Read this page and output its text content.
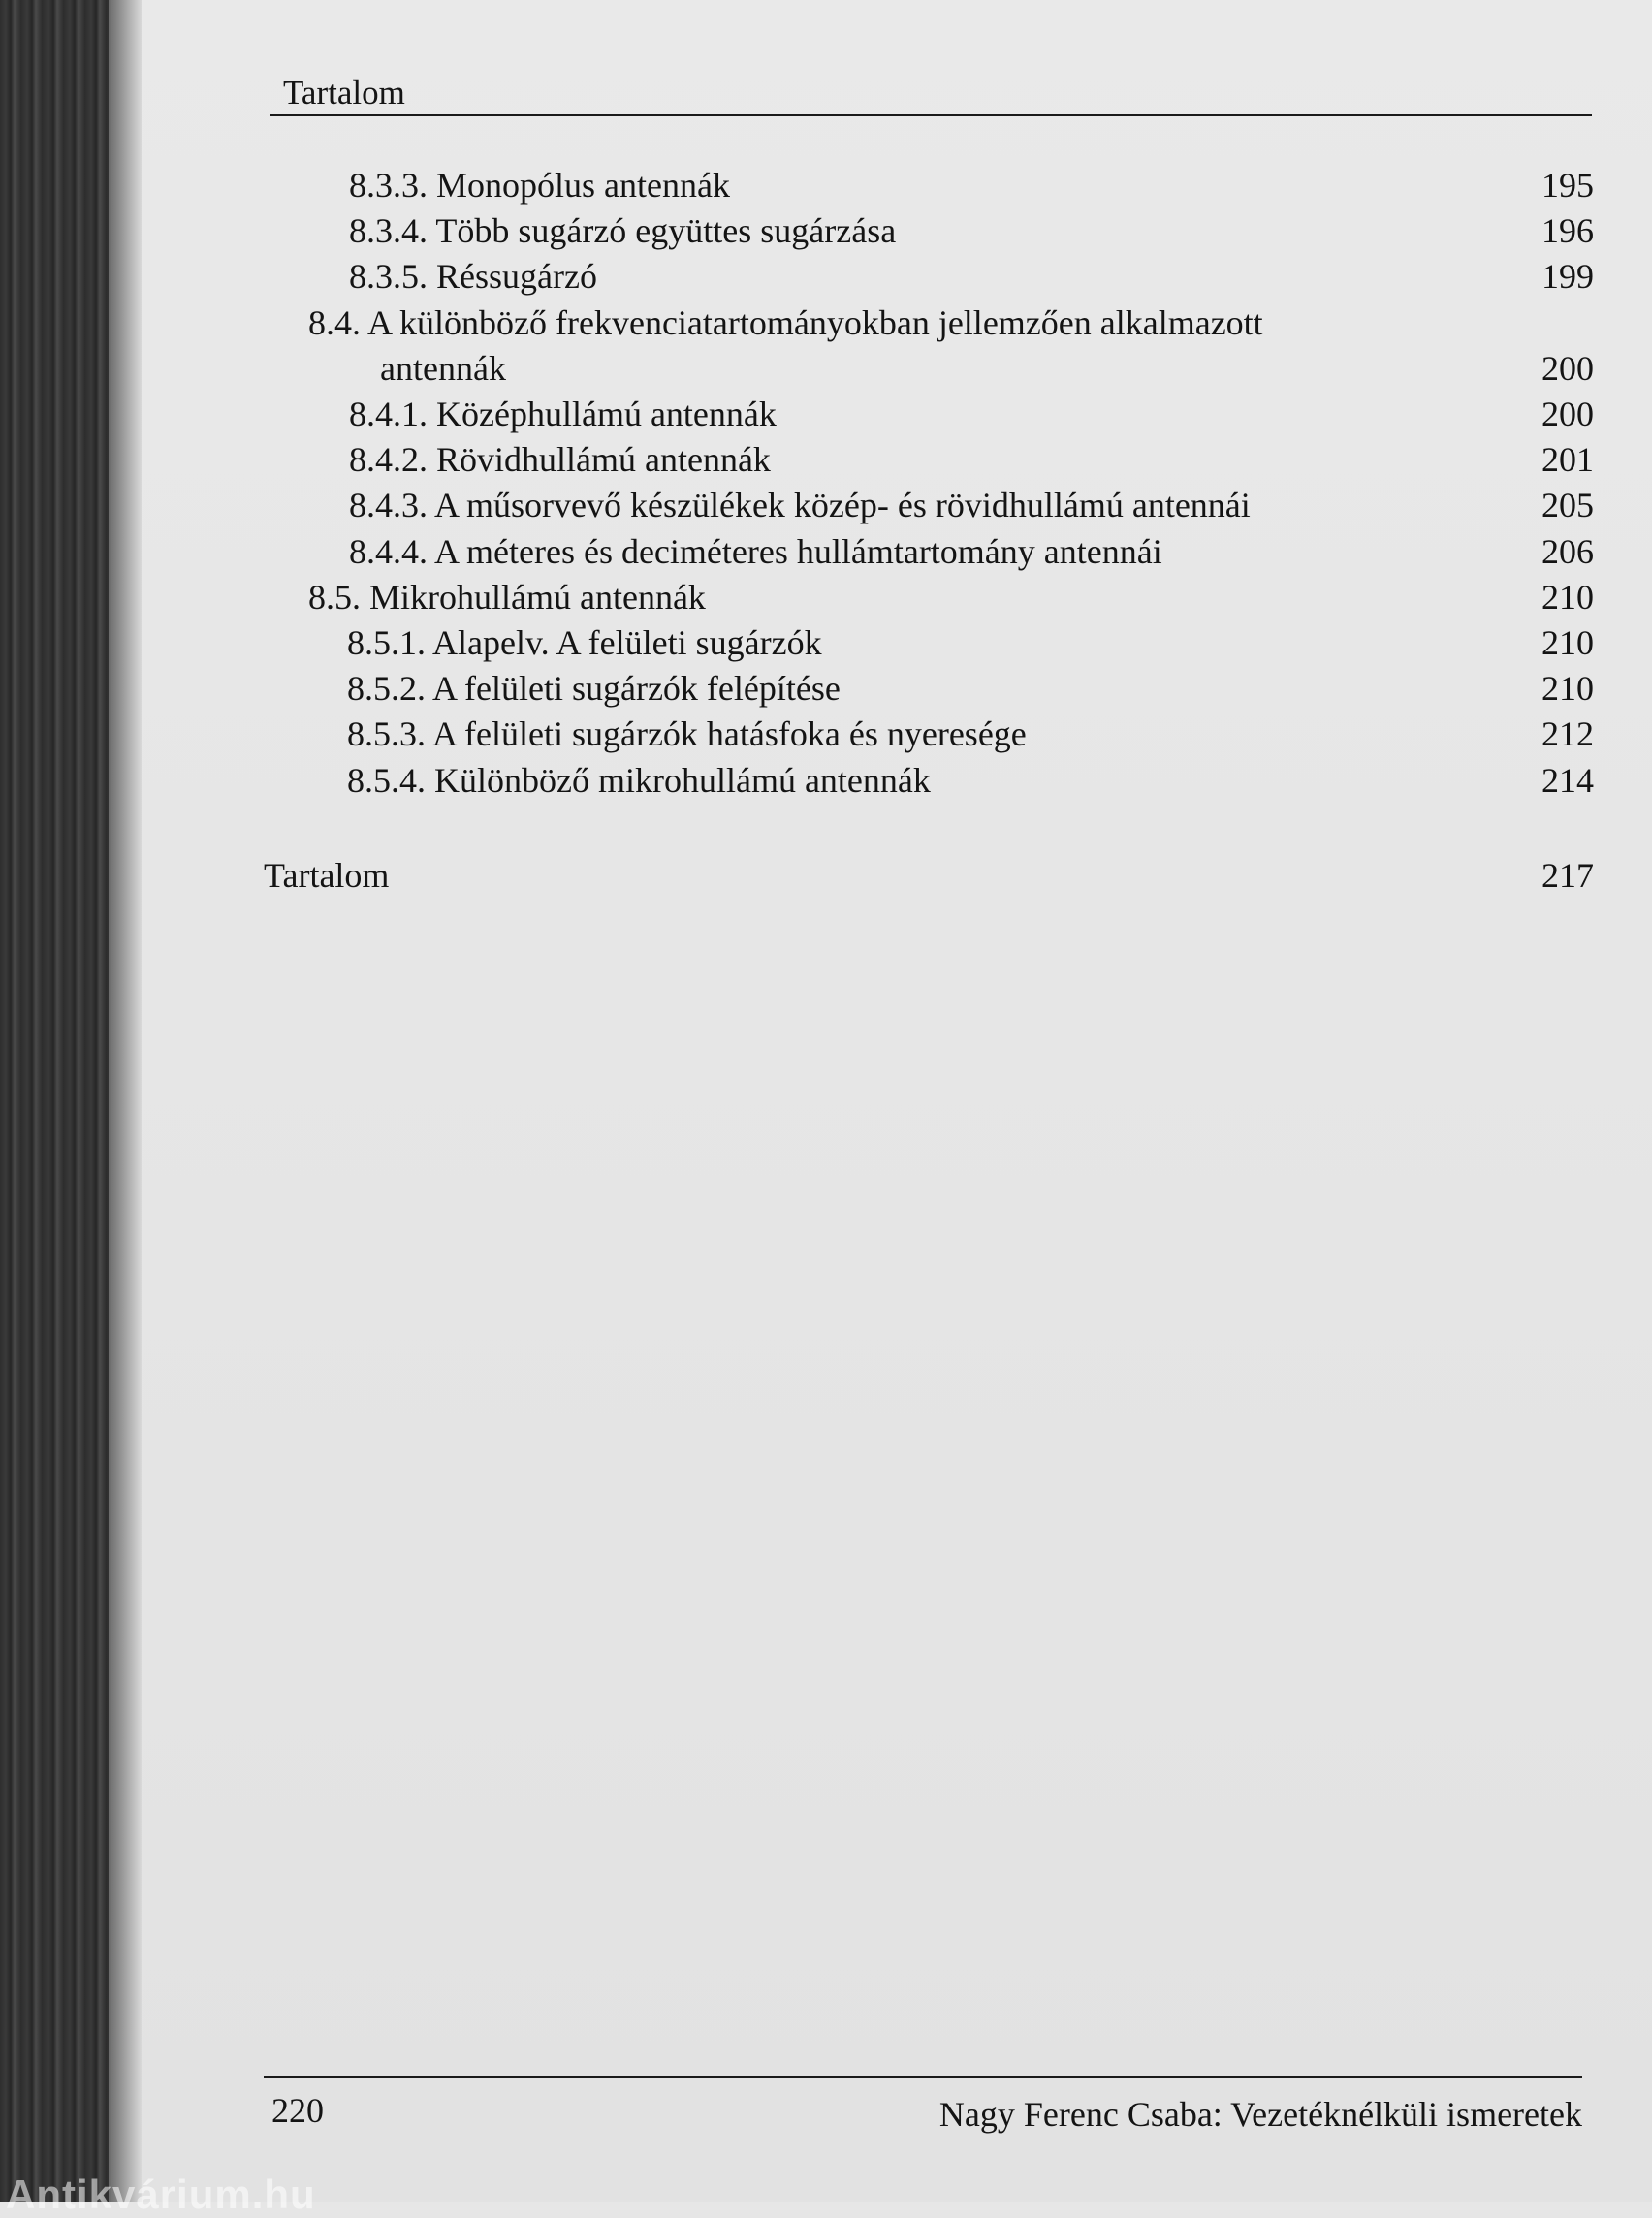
Tartalom
8.3.3. Monopólus antennák	195
8.3.4. Több sugárzó együttes sugárzása	196
8.3.5. Réssugárzó	199
8.4. A különböző frekvenciatartományokban jellemzően alkalmazott
antennák	200
8.4.1. Középhullámú antennák	200
8.4.2. Rövidhullámú antennák	201
8.4.3. A műsorvevő készülékek közép- és rövidhullámú antennái	205
8.4.4. A méteres és deciméteres hullámtartomány antennái	206
8.5. Mikrohullámú antennák	210
8.5.1. Alapelv. A felületi sugárzók	210
8.5.2. A felületi sugárzók felépítése	210
8.5.3. A felületi sugárzók hatásfoka és nyeresége	212
8.5.4. Különböző mikrohullámú antennák	214
Tartalom	217
220	Nagy Ferenc Csaba: Vezetéknélküli ismeretek
Antikvárium.hu
